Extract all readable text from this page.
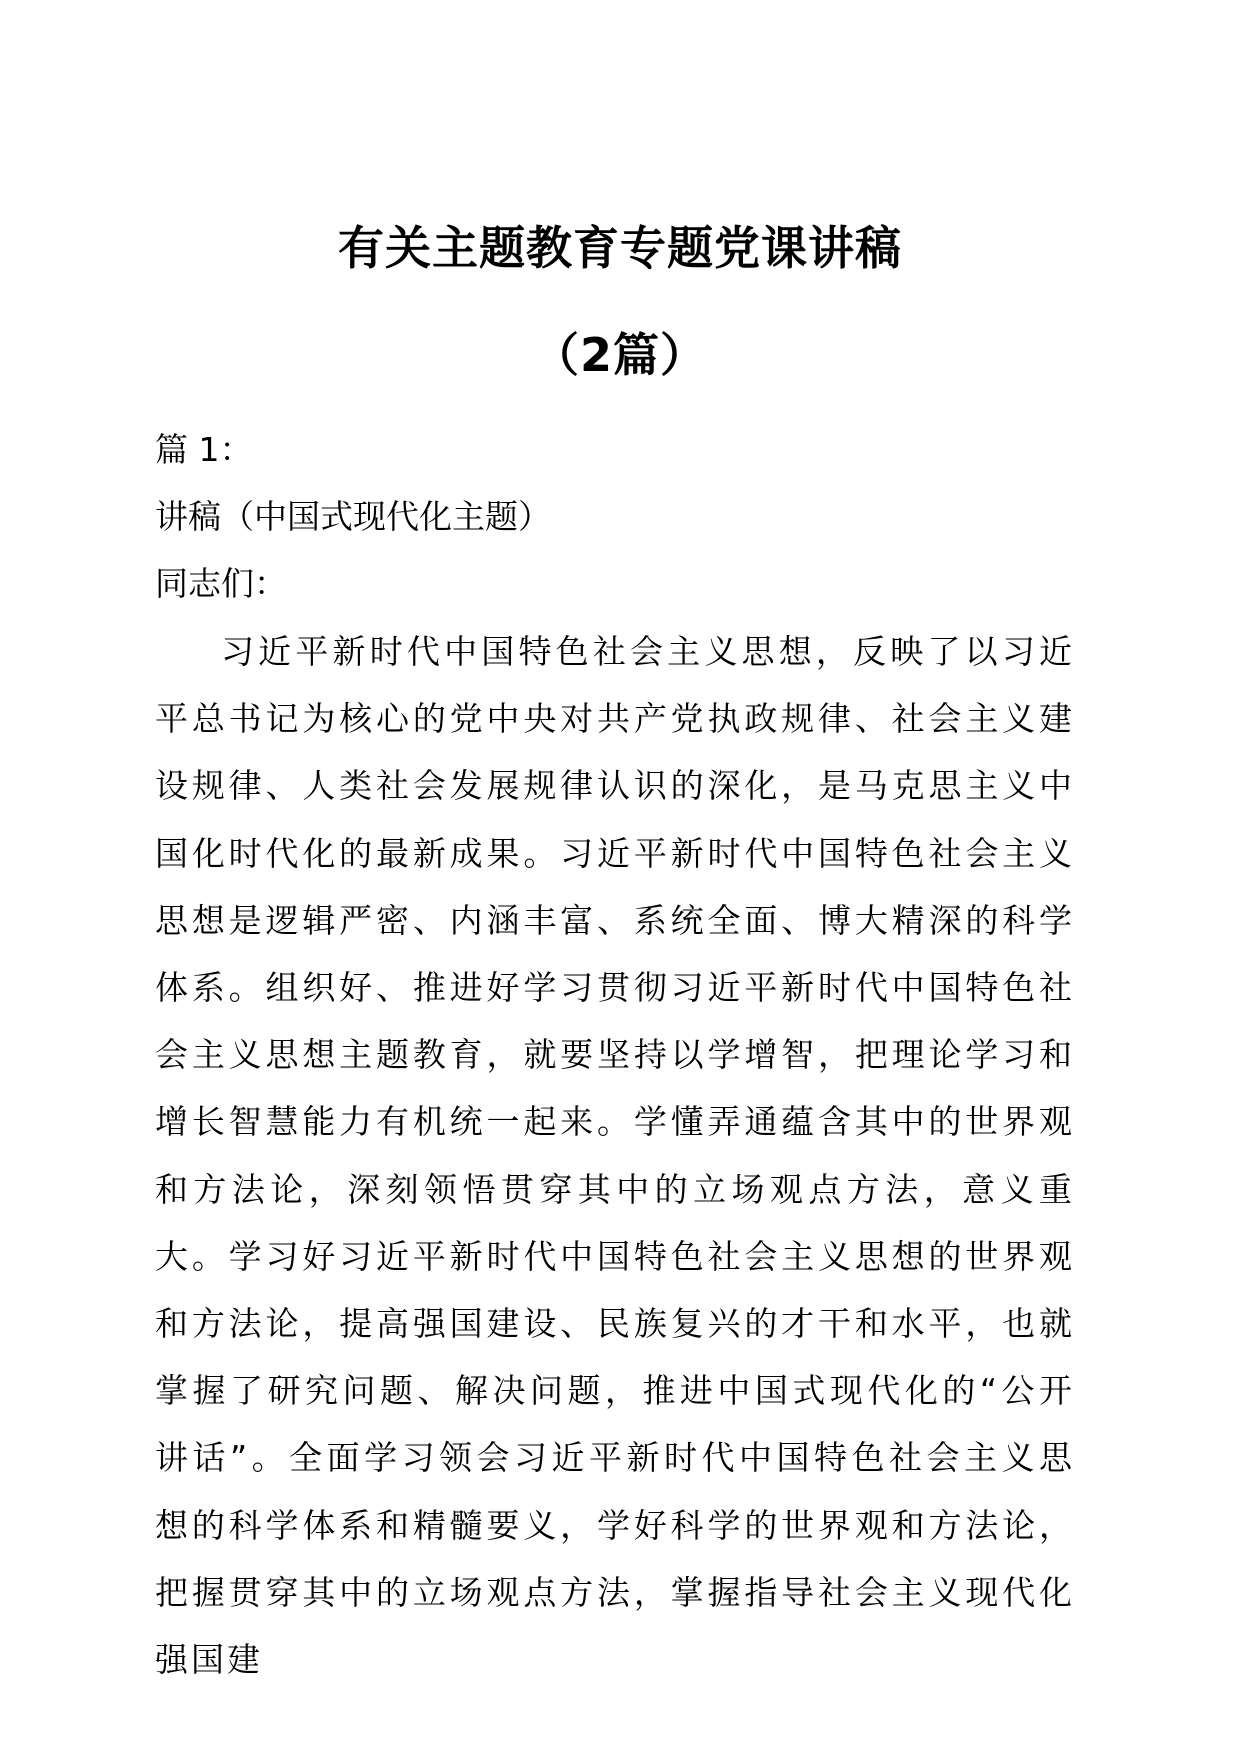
有关主题教育专题党课讲稿
（2篇）
篇 1：
讲稿（中国式现代化主题）
同志们：
习近平新时代中国特色社会主义思想，反映了以习近平总书记为核心的党中央对共产党执政规律、社会主义建设规律、人类社会发展规律认识的深化，是马克思主义中国化时代化的最新成果。习近平新时代中国特色社会主义思想是逻辑严密、内涵丰富、系统全面、博大精深的科学体系。组织好、推进好学习贯彻习近平新时代中国特色社会主义思想主题教育，就要坚持以学增智，把理论学习和增长智慧能力有机统一起来。学懂弄通蕴含其中的世界观和方法论，深刻领悟贯穿其中的立场观点方法，意义重大。学习好习近平新时代中国特色社会主义思想的世界观和方法论，提高强国建设、民族复兴的才干和水平，也就掌握了研究问题、解决问题，推进中国式现代化的“公开讲话”。全面学习领会习近平新时代中国特色社会主义思想的科学体系和精髓要义，学好科学的世界观和方法论，把握贯穿其中的立场观点方法，掌握指导社会主义现代化强国建
